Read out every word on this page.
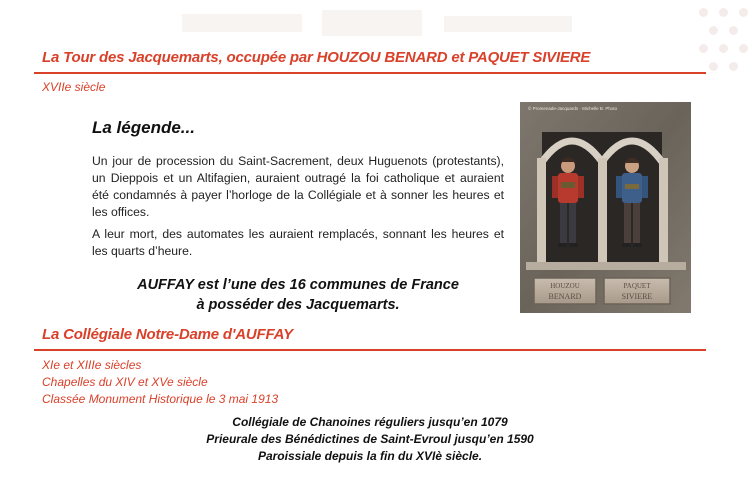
La Tour des Jacquemarts, occupée par HOUZOU BENARD et PAQUET SIVIERE
XVIIe siècle
La légende...

Un jour de procession du Saint-Sacrement, deux Huguenots (protestants), un Dieppois et un Altifagien, auraient outragé la foi catholique et auraient été condamnés à payer l’horloge de la Collégiale et à sonner les heures et les offices.

A leur mort, des automates les auraient remplacés, sonnant les heures et les quarts d’heure.

AUFFAY est l’une des 16 communes de France
à posséder des Jacquemarts.
© Promenade-Jacquards · Michelle B. Photo
HOUZOU
BENARD
PAQUET
SIVIERE
La Collégiale Notre-Dame d'AUFFAY
XIe et XIIIe siècles
Chapelles du XIV et XVe siècle
Classée Monument Historique le 3 mai 1913
Collégiale de Chanoines réguliers jusqu’en 1079
Prieurale des Bénédictines de Saint-Evroul jusqu’en 1590
Paroissiale depuis la fin du XVIè siècle.
